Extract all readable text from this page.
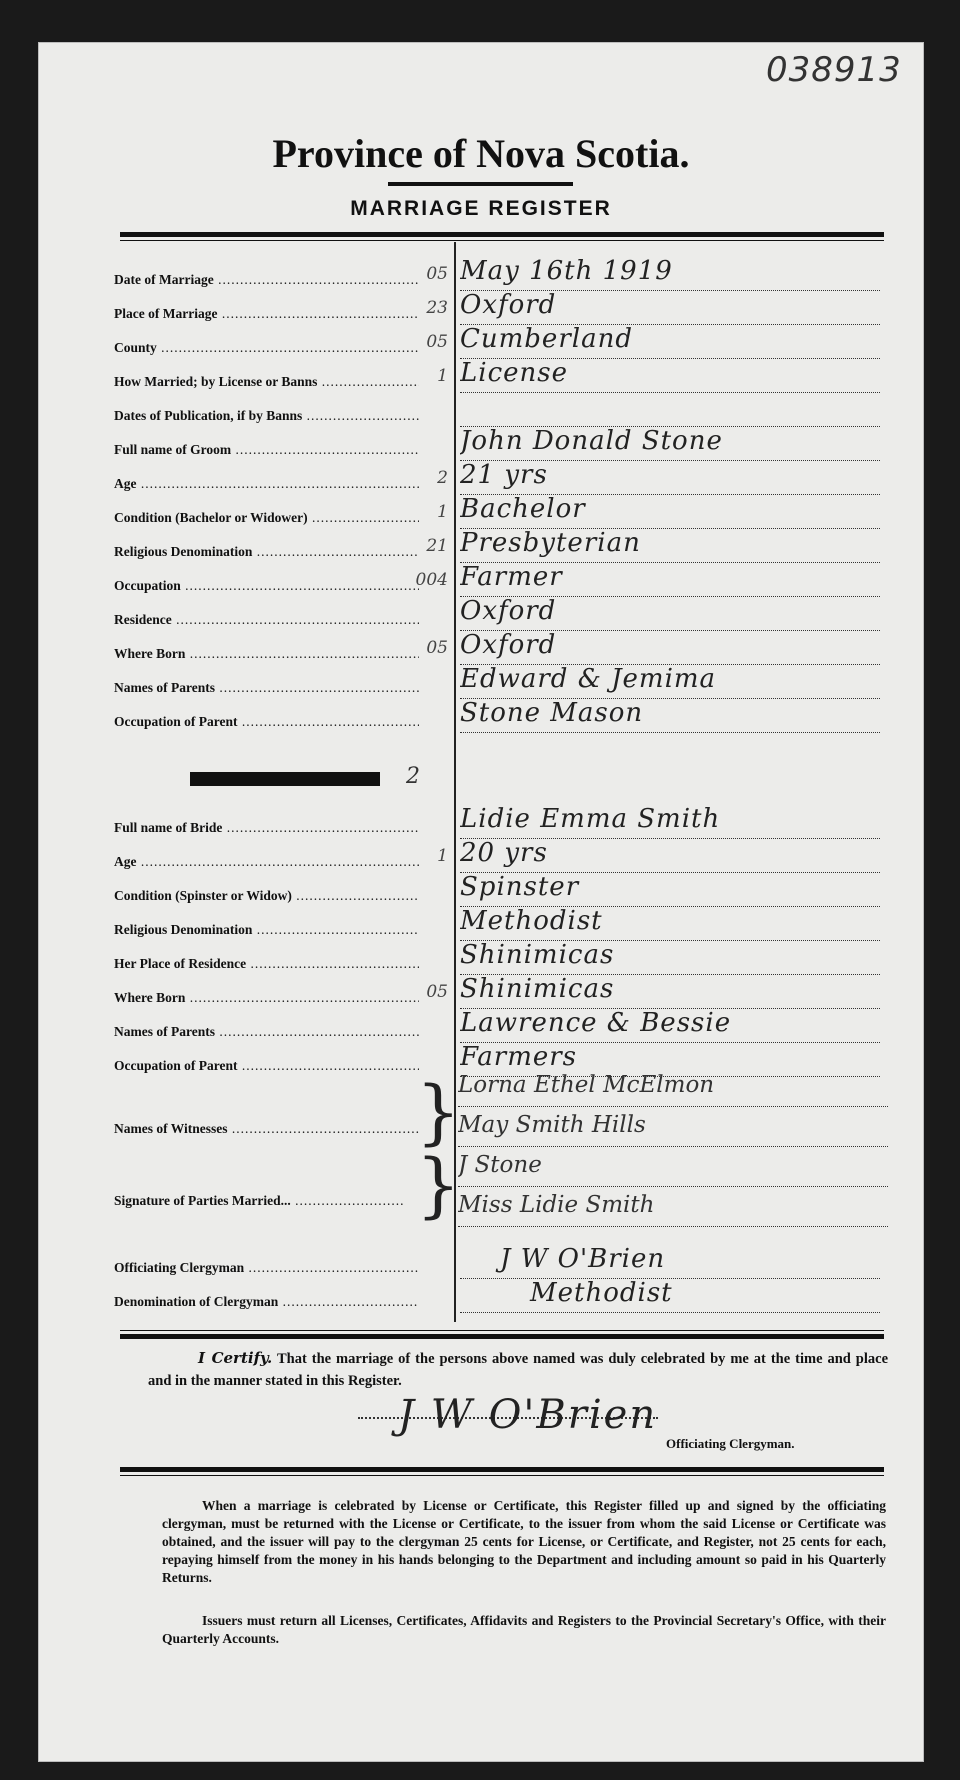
038913
Province of Nova Scotia.
MARRIAGE REGISTER
Date of Marriage .....	05 May 16th 1919
Place of Marriage .....	23 Oxford
County .....	05 Cumberland
How Married; by License or Banns .....	1 License
Dates of Publication, if by Banns .....
Full name of Groom .....	John Donald Stone
Age .....	2 21 yrs
Condition (Bachelor or Widower) .....	1 Bachelor
Religious Denomination .....	21 Presbyterian
Occupation .....	004 Farmer
Residence .....	Oxford
Where Born .....	05 Oxford
Names of Parents .....	Edward & Jemima
Occupation of Parent .....	Stone Mason
2
Full name of Bride .....	Lidie Emma Smith
Age .....	1 20 yrs
Condition (Spinster or Widow) .....	Spinster
Religious Denomination .....	Methodist
Her Place of Residence .....	Shinimicas
Where Born .....	05 Shinimicas
Names of Parents .....	Lawrence & Bessie
Occupation of Parent .....	Farmers
Names of Witnesses .....	}
Lorna Ethel McElmon
May Smith Hills
Signature of Parties Married... .....	}
J Stone
Miss Lidie Smith
Officiating Clergyman .....	J W O'Brien
Denomination of Clergyman .....	Methodist
I Certify. That the marriage of the persons above named was duly celebrated by me at the time and place and in the manner stated in this Register.
J W O'Brien
Officiating Clergyman.
When a marriage is celebrated by License or Certificate, this Register filled up and signed by the officiating clergyman, must be returned with the License or Certificate, to the issuer from whom the said License or Certificate was obtained, and the issuer will pay to the clergyman 25 cents for License, or Certificate, and Register, not 25 cents for each, repaying himself from the money in his hands belonging to the Department and including amount so paid in his Quarterly Returns.
Issuers must return all Licenses, Certificates, Affidavits and Registers to the Provincial Secretary's Office, with their Quarterly Accounts.
